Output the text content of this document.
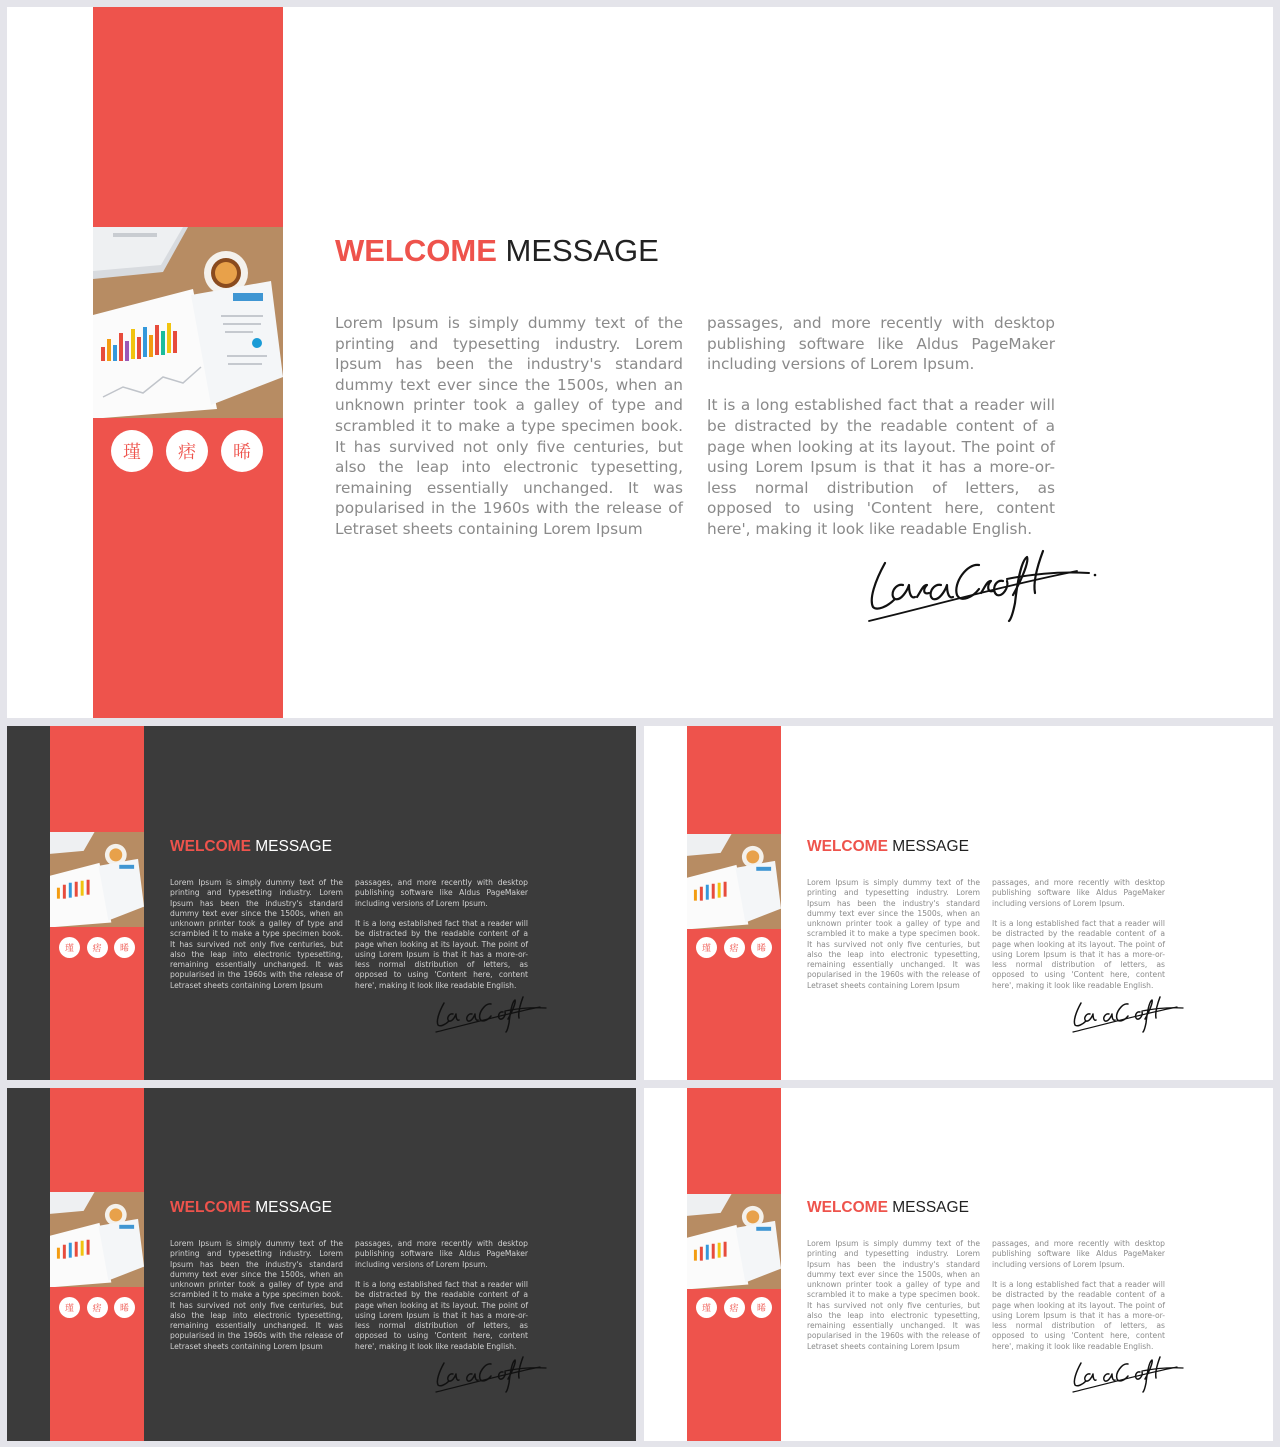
瑾	痞	晞
WELCOME MESSAGE

Lorem Ipsum is simply dummy text of the printing and typesetting industry. Lorem Ipsum has been the industry's standard dummy text ever since the 1500s, when an unknown printer took a galley of type and scrambled it to make a type specimen book. It has survived not only five centuries, but also the leap into electronic typesetting, remaining essentially unchanged. It was popularised in the 1960s with the release of Letraset sheets containing Lorem Ipsum

passages, and more recently with desktop publishing software like Aldus PageMaker including versions of Lorem Ipsum.

It is a long established fact that a reader will be distracted by the readable content of a page when looking at its layout. The point of using Lorem Ipsum is that it has a more-or-less normal distribution of letters, as opposed to using 'Content here, content here', making it look like readable English.

瑾	痞	晞
WELCOME MESSAGE

Lorem Ipsum is simply dummy text of the printing and typesetting industry. Lorem Ipsum has been the industry's standard dummy text ever since the 1500s, when an unknown printer took a galley of type and scrambled it to make a type specimen book. It has survived not only five centuries, but also the leap into electronic typesetting, remaining essentially unchanged. It was popularised in the 1960s with the release of Letraset sheets containing Lorem Ipsum

passages, and more recently with desktop publishing software like Aldus PageMaker including versions of Lorem Ipsum.

It is a long established fact that a reader will be distracted by the readable content of a page when looking at its layout. The point of using Lorem Ipsum is that it has a more-or-less normal distribution of letters, as opposed to using 'Content here, content here', making it look like readable English.

瑾	痞	晞
WELCOME MESSAGE

Lorem Ipsum is simply dummy text of the printing and typesetting industry. Lorem Ipsum has been the industry's standard dummy text ever since the 1500s, when an unknown printer took a galley of type and scrambled it to make a type specimen book. It has survived not only five centuries, but also the leap into electronic typesetting, remaining essentially unchanged. It was popularised in the 1960s with the release of Letraset sheets containing Lorem Ipsum

passages, and more recently with desktop publishing software like Aldus PageMaker including versions of Lorem Ipsum.

It is a long established fact that a reader will be distracted by the readable content of a page when looking at its layout. The point of using Lorem Ipsum is that it has a more-or-less normal distribution of letters, as opposed to using 'Content here, content here', making it look like readable English.

瑾	痞	晞
WELCOME MESSAGE

Lorem Ipsum is simply dummy text of the printing and typesetting industry. Lorem Ipsum has been the industry's standard dummy text ever since the 1500s, when an unknown printer took a galley of type and scrambled it to make a type specimen book. It has survived not only five centuries, but also the leap into electronic typesetting, remaining essentially unchanged. It was popularised in the 1960s with the release of Letraset sheets containing Lorem Ipsum

passages, and more recently with desktop publishing software like Aldus PageMaker including versions of Lorem Ipsum.

It is a long established fact that a reader will be distracted by the readable content of a page when looking at its layout. The point of using Lorem Ipsum is that it has a more-or-less normal distribution of letters, as opposed to using 'Content here, content here', making it look like readable English.

瑾	痞	晞
WELCOME MESSAGE

Lorem Ipsum is simply dummy text of the printing and typesetting industry. Lorem Ipsum has been the industry's standard dummy text ever since the 1500s, when an unknown printer took a galley of type and scrambled it to make a type specimen book. It has survived not only five centuries, but also the leap into electronic typesetting, remaining essentially unchanged. It was popularised in the 1960s with the release of Letraset sheets containing Lorem Ipsum

passages, and more recently with desktop publishing software like Aldus PageMaker including versions of Lorem Ipsum.

It is a long established fact that a reader will be distracted by the readable content of a page when looking at its layout. The point of using Lorem Ipsum is that it has a more-or-less normal distribution of letters, as opposed to using 'Content here, content here', making it look like readable English.
